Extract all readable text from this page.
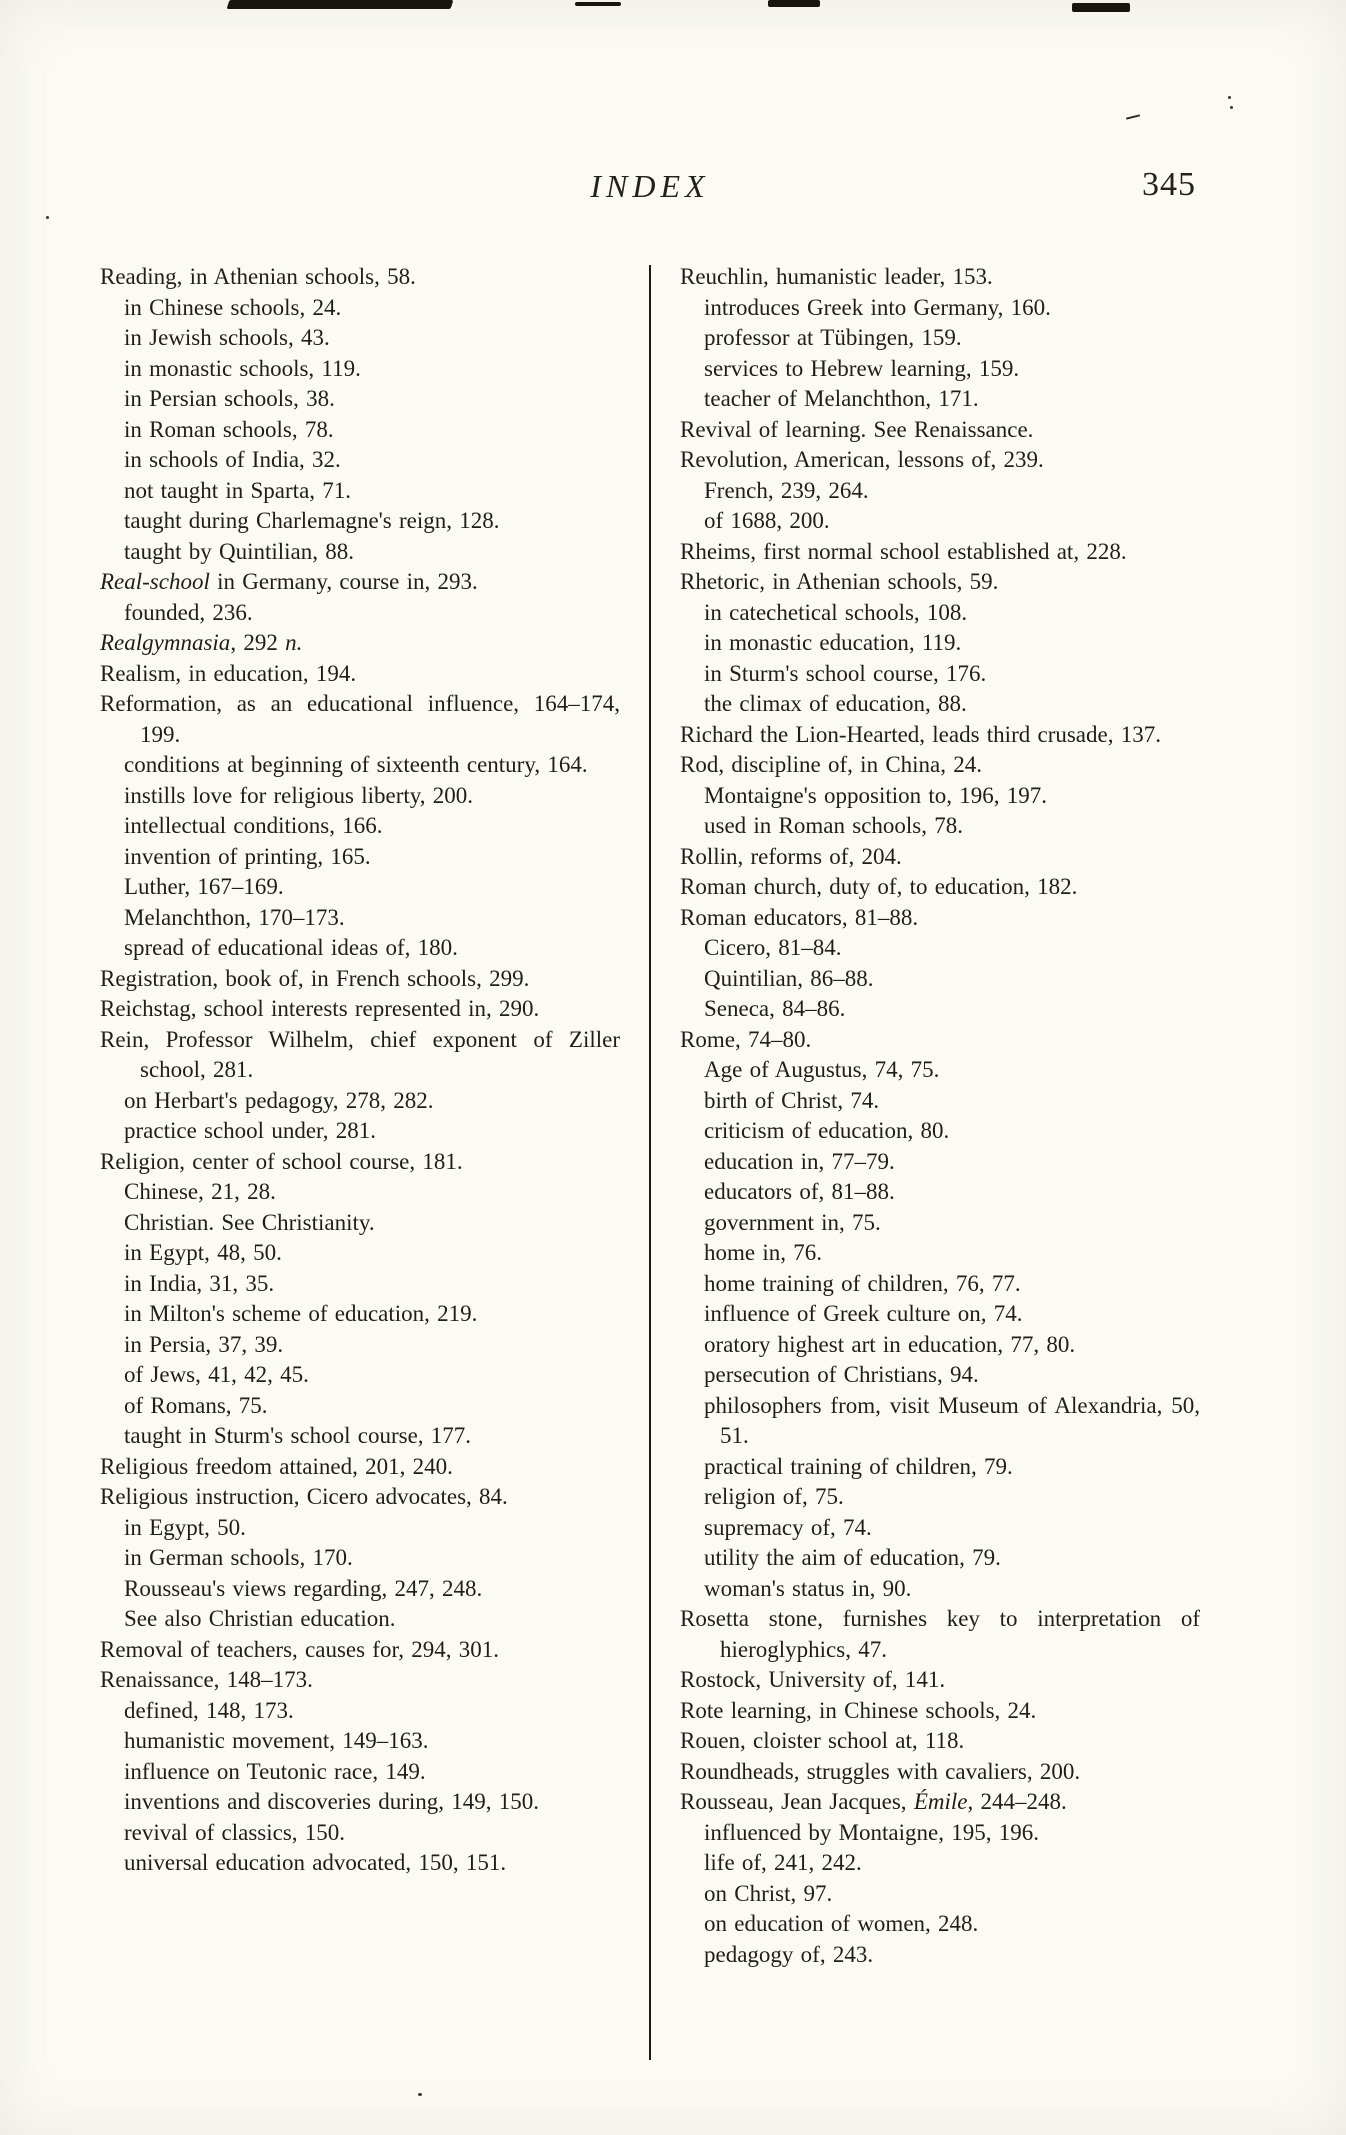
INDEX	345

Reading, in Athenian schools, 58.

in Chinese schools, 24.

in Jewish schools, 43.

in monastic schools, 119.

in Persian schools, 38.

in Roman schools, 78.

in schools of India, 32.

not taught in Sparta, 71.

taught during Charlemagne's reign, 128.

taught by Quintilian, 88.

Real-school in Germany, course in, 293.

founded, 236.

Realgymnasia, 292 n.

Realism, in education, 194.

Reformation, as an educational influence, 164–174, 199.

conditions at beginning of sixteenth century, 164.

instills love for religious liberty, 200.

intellectual conditions, 166.

invention of printing, 165.

Luther, 167–169.

Melanchthon, 170–173.

spread of educational ideas of, 180.

Registration, book of, in French schools, 299.

Reichstag, school interests represented in, 290.

Rein, Professor Wilhelm, chief exponent of Ziller school, 281.

on Herbart's pedagogy, 278, 282.

practice school under, 281.

Religion, center of school course, 181.

Chinese, 21, 28.

Christian. See Christianity.

in Egypt, 48, 50.

in India, 31, 35.

in Milton's scheme of education, 219.

in Persia, 37, 39.

of Jews, 41, 42, 45.

of Romans, 75.

taught in Sturm's school course, 177.

Religious freedom attained, 201, 240.

Religious instruction, Cicero advocates, 84.

in Egypt, 50.

in German schools, 170.

Rousseau's views regarding, 247, 248.

See also Christian education.

Removal of teachers, causes for, 294, 301.

Renaissance, 148–173.

defined, 148, 173.

humanistic movement, 149–163.

influence on Teutonic race, 149.

inventions and discoveries during, 149, 150.

revival of classics, 150.

universal education advocated, 150, 151.

Reuchlin, humanistic leader, 153.

introduces Greek into Germany, 160.

professor at Tübingen, 159.

services to Hebrew learning, 159.

teacher of Melanchthon, 171.

Revival of learning. See Renaissance.

Revolution, American, lessons of, 239.

French, 239, 264.

of 1688, 200.

Rheims, first normal school established at, 228.

Rhetoric, in Athenian schools, 59.

in catechetical schools, 108.

in monastic education, 119.

in Sturm's school course, 176.

the climax of education, 88.

Richard the Lion-Hearted, leads third crusade, 137.

Rod, discipline of, in China, 24.

Montaigne's opposition to, 196, 197.

used in Roman schools, 78.

Rollin, reforms of, 204.

Roman church, duty of, to education, 182.

Roman educators, 81–88.

Cicero, 81–84.

Quintilian, 86–88.

Seneca, 84–86.

Rome, 74–80.

Age of Augustus, 74, 75.

birth of Christ, 74.

criticism of education, 80.

education in, 77–79.

educators of, 81–88.

government in, 75.

home in, 76.

home training of children, 76, 77.

influence of Greek culture on, 74.

oratory highest art in education, 77, 80.

persecution of Christians, 94.

philosophers from, visit Museum of Alexandria, 50, 51.

practical training of children, 79.

religion of, 75.

supremacy of, 74.

utility the aim of education, 79.

woman's status in, 90.

Rosetta stone, furnishes key to interpretation of hieroglyphics, 47.

Rostock, University of, 141.

Rote learning, in Chinese schools, 24.

Rouen, cloister school at, 118.

Roundheads, struggles with cavaliers, 200.

Rousseau, Jean Jacques, Émile, 244–248.

influenced by Montaigne, 195, 196.

life of, 241, 242.

on Christ, 97.

on education of women, 248.

pedagogy of, 243.
